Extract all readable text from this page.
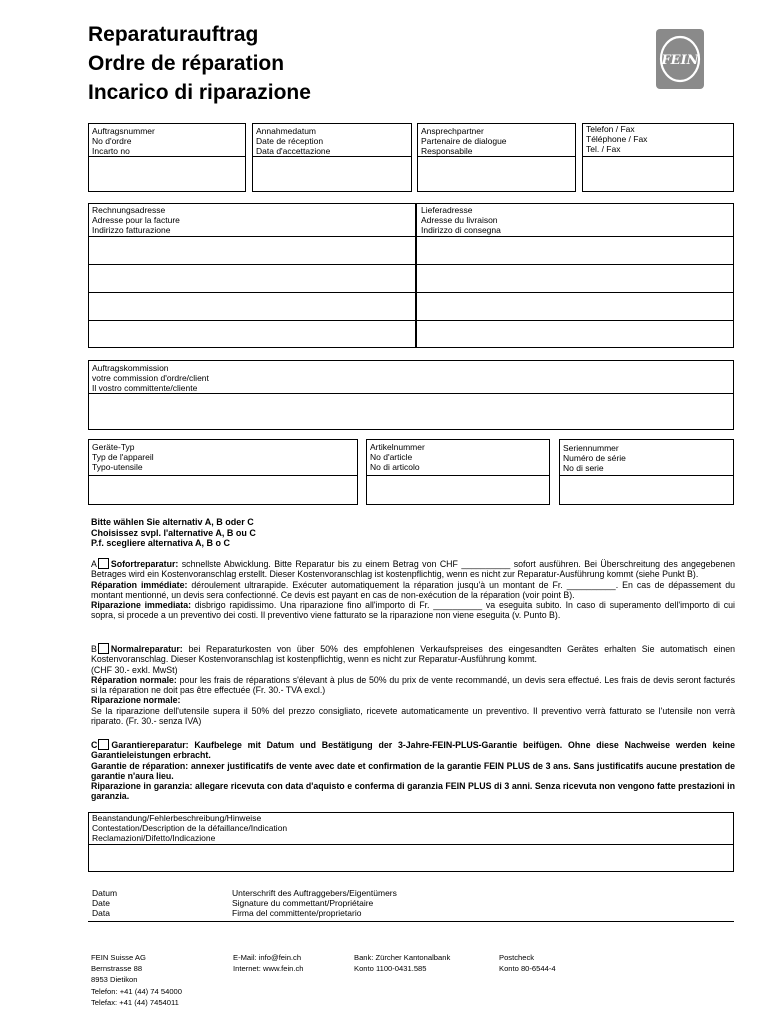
Reparaturauftrag
Ordre de réparation
Incarico di riparazione
FEIN
Auftragsnummer
No d'ordre
Incarto no
Annahmedatum
Date de réception
Data d'accettazione
Ansprechpartner
Partenaire de dialogue
Responsabile
Telefon / Fax
Téléphone / Fax
Tel. / Fax
Rechnungsadresse
Adresse pour la facture
Indirizzo fatturazione
Lieferadresse
Adresse du livraison
Indirizzo di consegna
Auftragskommission
votre commission d'ordre/client
Il vostro committente/cliente
Geräte-Typ
Typ de l'appareil
Typo-utensile
Artikelnummer
No d'article
No di articolo
Seriennummer
Numéro de série
No di serie
Bitte wählen Sie alternativ A, B oder C
Choisissez svpl. l'alternative A, B ou C
P.f. scegliere alternativa A, B o C
A Sofortreparatur: schnellste Abwicklung. Bitte Reparatur bis zu einem Betrag von CHF __________ sofort ausführen. Bei Überschreitung des angegebenen Betrages wird ein Kostenvoranschlag erstellt. Dieser Kostenvoranschlag ist kostenpflichtig, wenn es nicht zur Reparatur-Ausführung kommt (siehe Punkt B).
Réparation immédiate: déroulement ultrarapide. Exécuter automatiquement la réparation jusqu'à un montant de Fr. __________. En cas de dépassement du montant mentionné, un devis sera confectionné. Ce devis est payant en cas de non-exécution de la réparation (voir point B).
Riparazione immediata: disbrigo rapidissimo. Una riparazione fino all'importo di Fr. __________ va eseguita subito. In caso di superamento dell'importo di cui sopra, si procede a un preventivo dei costi. Il preventivo viene fatturato se la riparazione non viene eseguita (v. Punto B).
B Normalreparatur: bei Reparaturkosten von über 50% des empfohlenen Verkaufspreises des eingesandten Gerätes erhalten Sie automatisch einen Kostenvoranschlag. Dieser Kostenvoranschlag ist kostenpflichtig, wenn es nicht zur Reparatur-Ausführung kommt.
(CHF 30.- exkl. MwSt)
Réparation normale: pour les frais de réparations s'élevant à plus de 50% du prix de vente recommandé, un devis sera effectué. Les frais de devis seront facturés si la réparation ne doit pas être effectuée (Fr. 30.- TVA excl.)
Riparazione normale:
Se la riparazione dell'utensile supera il 50% del prezzo consigliato, ricevete automaticamente un preventivo. Il preventivo verrà fatturato se l'utensile non verrà riparato. (Fr. 30.- senza IVA)
C Garantiereparatur: Kaufbelege mit Datum und Bestätigung der 3-Jahre-FEIN-PLUS-Garantie beifügen. Ohne diese Nachweise werden keine Garantieleistungen erbracht.
Garantie de réparation: annexer justificatifs de vente avec date et confirmation de la garantie FEIN PLUS de 3 ans. Sans justificatifs aucune prestation de garantie n'aura lieu.
Riparazione in garanzia: allegare ricevuta con data d'aquisto e conferma di garanzia FEIN PLUS di 3 anni. Senza ricevuta non vengono fatte prestazioni in garanzia.
Beanstandung/Fehlerbeschreibung/Hinweise
Contestation/Description de la défaillance/Indication
Reclamazioni/Difetto/Indicazione
Datum
Date
Data
Unterschrift des Auftraggebers/Eigentümers
Signature du commettant/Propriétaire
Firma del committente/proprietario
FEIN Suisse AG
Bernstrasse 88
8953 Dietikon
Telefon: +41 (44) 74 54000
Telefax: +41 (44) 7454011
E-Mail: info@fein.ch
Internet: www.fein.ch
Bank: Zürcher Kantonalbank
Konto 1100-0431.585
Postcheck
Konto 80-6544-4
